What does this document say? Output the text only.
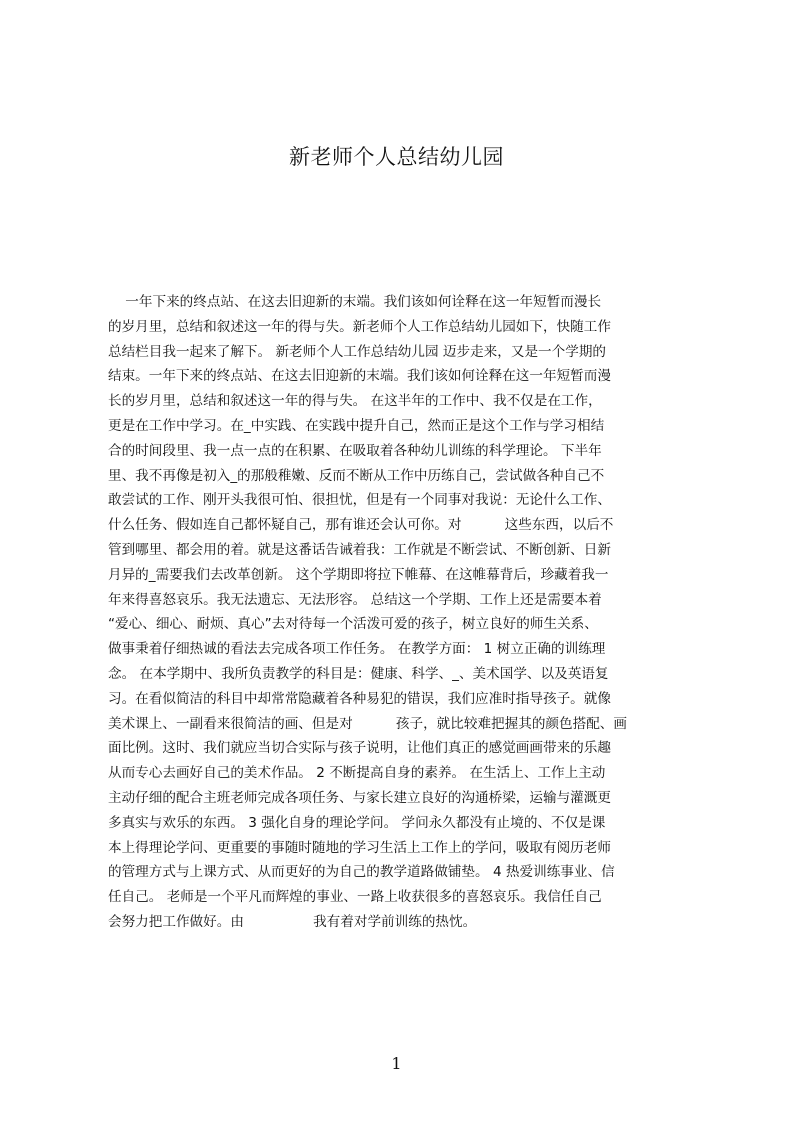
新老师个人总结幼儿园
一年下来的终点站、在这去旧迎新的末端。我们该如何诠释在这一年短暂而漫长
的岁月里，总结和叙述这一年的得与失。新老师个人工作总结幼儿园如下，快随工作
总结栏目我一起来了解下。 新老师个人工作总结幼儿园 迈步走来，又是一个学期的
结束。一年下来的终点站、在这去旧迎新的末端。我们该如何诠释在这一年短暂而漫
长的岁月里，总结和叙述这一年的得与失。 在这半年的工作中、我不仅是在工作，
更是在工作中学习。在_中实践、在实践中提升自己，然而正是这个工作与学习相结
合的时间段里、我一点一点的在积累、在吸取着各种幼儿训练的科学理论。 下半年
里、我不再像是初入_的那般稚嫩、反而不断从工作中历练自己，尝试做各种自己不
敢尝试的工作、刚开头我很可怕、很担忧，但是有一个同事对我说：无论什么工作、
什么任务、假如连自己都怀疑自己，那有谁还会认可你。对          这些东西，以后不
管到哪里、都会用的着。就是这番话告诫着我：工作就是不断尝试、不断创新、日新
月异的_需要我们去改革创新。 这个学期即将拉下帷幕、在这帷幕背后，珍藏着我一
年来得喜怒哀乐。我无法遗忘、无法形容。 总结这一个学期、工作上还是需要本着
“爱心、细心、耐烦、真心”去对待每一个活泼可爱的孩子，树立良好的师生关系、
做事秉着仔细热诚的看法去完成各项工作任务。 在教学方面： 1 树立正确的训练理
念。 在本学期中、我所负责教学的科目是：健康、科学、_、美术国学、以及英语复
习。在看似简洁的科目中却常常隐藏着各种易犯的错误，我们应准时指导孩子。就像
美术课上、一副看来很简洁的画、但是对          孩子，就比较难把握其的颜色搭配、画
面比例。这时、我们就应当切合实际与孩子说明，让他们真正的感觉画画带来的乐趣
从而专心去画好自己的美术作品。 2 不断提高自身的素养。 在生活上、工作上主动
主动仔细的配合主班老师完成各项任务、与家长建立良好的沟通桥梁，运输与灌溉更
多真实与欢乐的东西。 3 强化自身的理论学问。 学问永久都没有止境的、不仅是课
本上得理论学问、更重要的事随时随地的学习生活上工作上的学问，吸取有阅历老师
的管理方式与上课方式、从而更好的为自己的教学道路做铺垫。 4 热爱训练事业、信
任自己。 老师是一个平凡而辉煌的事业、一路上收获很多的喜怒哀乐。我信任自己
会努力把工作做好。由                我有着对学前训练的热忱。
1
